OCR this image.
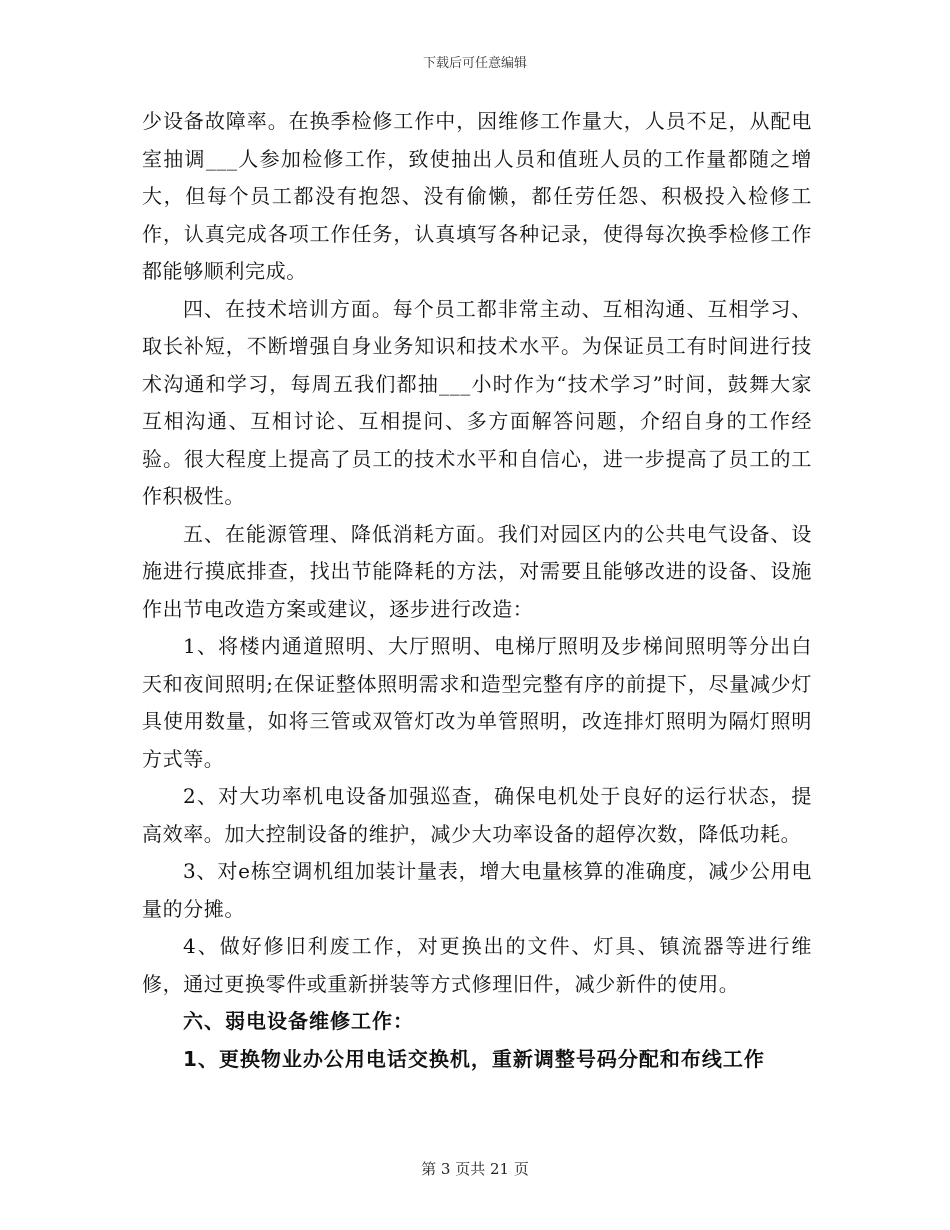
下载后可任意编辑

少设备故障率。在换季检修工作中，因维修工作量大，人员不足，从配电室抽调___人参加检修工作，致使抽出人员和值班人员的工作量都随之增大，但每个员工都没有抱怨、没有偷懒，都任劳任怨、积极投入检修工作，认真完成各项工作任务，认真填写各种记录，使得每次换季检修工作都能够顺利完成。

四、在技术培训方面。每个员工都非常主动、互相沟通、互相学习、取长补短，不断增强自身业务知识和技术水平。为保证员工有时间进行技术沟通和学习，每周五我们都抽___小时作为“技术学习”时间，鼓舞大家互相沟通、互相讨论、互相提问、多方面解答问题，介绍自身的工作经验。很大程度上提高了员工的技术水平和自信心，进一步提高了员工的工作积极性。

五、在能源管理、降低消耗方面。我们对园区内的公共电气设备、设施进行摸底排查，找出节能降耗的方法，对需要且能够改进的设备、设施作出节电改造方案或建议，逐步进行改造：

1、将楼内通道照明、大厅照明、电梯厅照明及步梯间照明等分出白天和夜间照明;在保证整体照明需求和造型完整有序的前提下，尽量减少灯具使用数量，如将三管或双管灯改为单管照明，改连排灯照明为隔灯照明方式等。

2、对大功率机电设备加强巡查，确保电机处于良好的运行状态，提高效率。加大控制设备的维护，减少大功率设备的超停次数，降低功耗。

3、对e栋空调机组加装计量表，增大电量核算的准确度，减少公用电量的分摊。

4、做好修旧利废工作，对更换出的文件、灯具、镇流器等进行维修，通过更换零件或重新拼装等方式修理旧件，减少新件的使用。

六、弱电设备维修工作：

1、更换物业办公用电话交换机，重新调整号码分配和布线工作

第 3 页共 21 页
